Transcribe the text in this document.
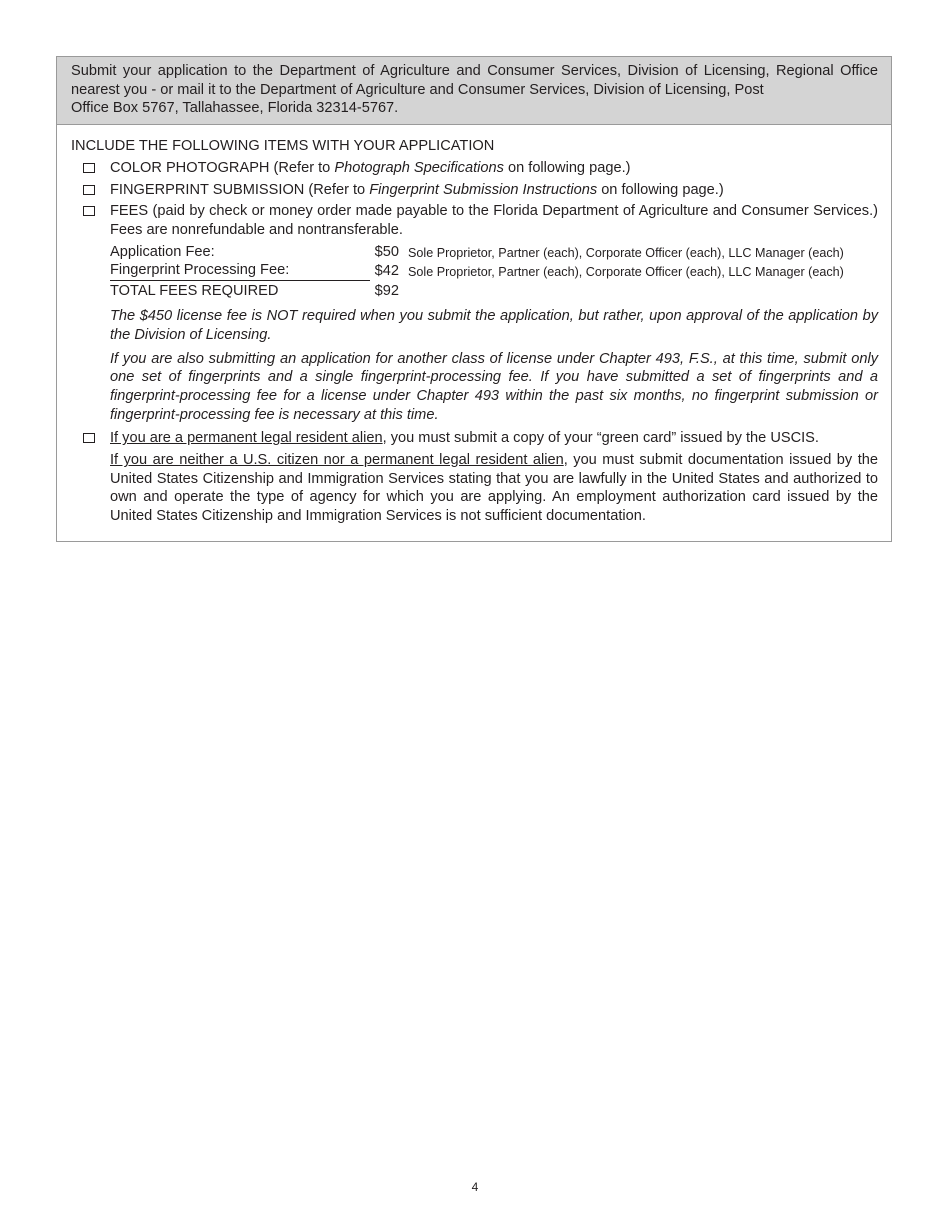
Submit your application to the Department of Agriculture and Consumer Services, Division of Licensing, Regional Office nearest you - or mail it to the Department of Agriculture and Consumer Services, Division of Licensing, Post
Office Box 5767, Tallahassee, Florida 32314-5767.
INCLUDE THE FOLLOWING ITEMS WITH YOUR APPLICATION
COLOR PHOTOGRAPH (Refer to Photograph Specifications on following page.)
FINGERPRINT SUBMISSION (Refer to Fingerprint Submission Instructions on following page.)
FEES (paid by check or money order made payable to the Florida Department of Agriculture and Consumer Services.) Fees are nonrefundable and nontransferable.
Application Fee:	$50 Sole Proprietor, Partner (each), Corporate Officer (each), LLC Manager (each)
Fingerprint Processing Fee:	$42 Sole Proprietor, Partner (each), Corporate Officer (each), LLC Manager (each)
TOTAL FEES REQUIRED	$92
The $450 license fee is NOT required when you submit the application, but rather, upon approval of the application by the Division of Licensing.
If you are also submitting an application for another class of license under Chapter 493, F.S., at this time, submit only one set of fingerprints and a single fingerprint-processing fee. If you have submitted a set of fingerprints and a fingerprint-processing fee for a license under Chapter 493 within the past six months, no fingerprint submission or fingerprint-processing fee is necessary at this time.
If you are a permanent legal resident alien, you must submit a copy of your “green card” issued by the USCIS.
If you are neither a U.S. citizen nor a permanent legal resident alien, you must submit documentation issued by the United States Citizenship and Immigration Services stating that you are lawfully in the United States and authorized to own and operate the type of agency for which you are applying. An employment authorization card issued by the United States Citizenship and Immigration Services is not sufficient documentation.
4
